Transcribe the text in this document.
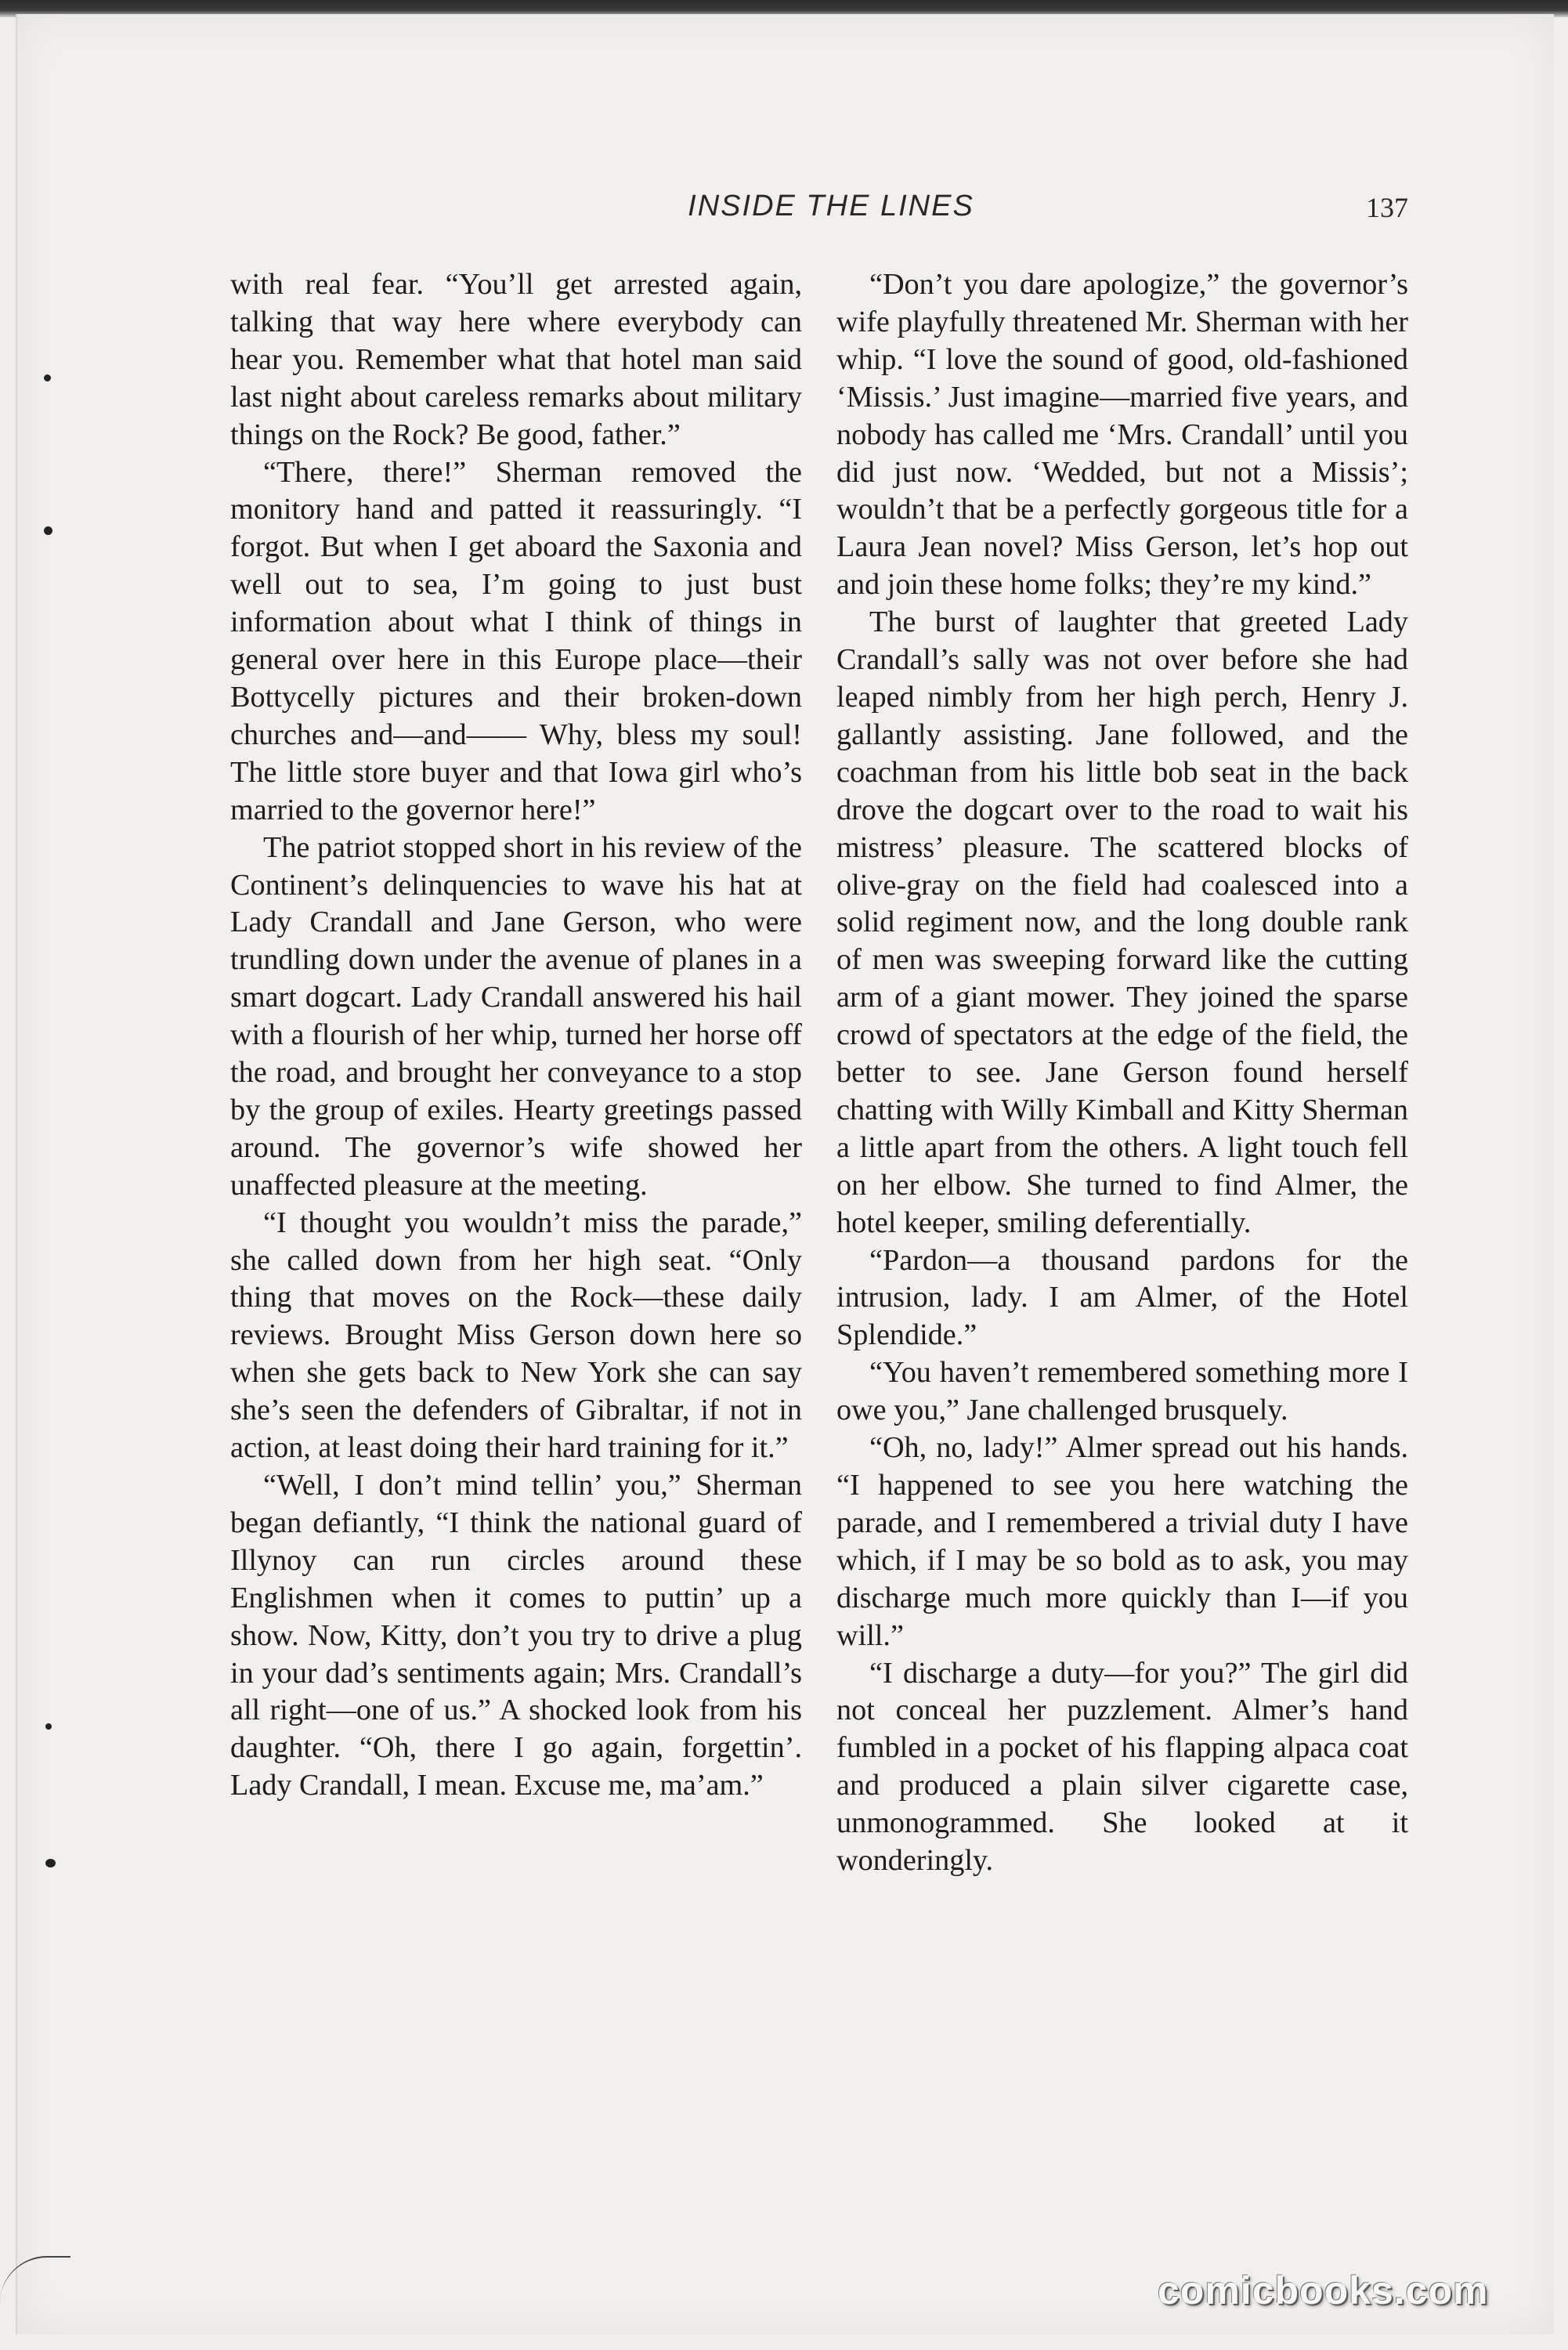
INSIDE THE LINES	137

with real fear. “You’ll get arrested again, talking that way here where everybody can hear you. Remember what that hotel man said last night about careless remarks about military things on the Rock? Be good, father.”

“There, there!” Sherman removed the monitory hand and patted it reassuringly. “I forgot. But when I get aboard the Saxonia and well out to sea, I’m going to just bust information about what I think of things in general over here in this Europe place—their Bottycelly pictures and their broken-down churches and—and—— Why, bless my soul! The little store buyer and that Iowa girl who’s married to the governor here!”

The patriot stopped short in his review of the Continent’s delinquencies to wave his hat at Lady Crandall and Jane Gerson, who were trundling down under the avenue of planes in a smart dogcart. Lady Crandall answered his hail with a flourish of her whip, turned her horse off the road, and brought her conveyance to a stop by the group of exiles. Hearty greetings passed around. The governor’s wife showed her unaffected pleasure at the meeting.

“I thought you wouldn’t miss the parade,” she called down from her high seat. “Only thing that moves on the Rock—these daily reviews. Brought Miss Gerson down here so when she gets back to New York she can say she’s seen the defenders of Gibraltar, if not in action, at least doing their hard training for it.”

“Well, I don’t mind tellin’ you,” Sherman began defiantly, “I think the national guard of Illynoy can run circles around these Englishmen when it comes to puttin’ up a show. Now, Kitty, don’t you try to drive a plug in your dad’s sentiments again; Mrs. Crandall’s all right—one of us.” A shocked look from his daughter. “Oh, there I go again, forgettin’. Lady Crandall, I mean. Excuse me, ma’am.”

“Don’t you dare apologize,” the governor’s wife playfully threatened Mr. Sherman with her whip. “I love the sound of good, old-fashioned ‘Missis.’ Just imagine—married five years, and nobody has called me ‘Mrs. Crandall’ until you did just now. ‘Wedded, but not a Missis’; wouldn’t that be a perfectly gorgeous title for a Laura Jean novel? Miss Gerson, let’s hop out and join these home folks; they’re my kind.”

The burst of laughter that greeted Lady Crandall’s sally was not over before she had leaped nimbly from her high perch, Henry J. gallantly assisting. Jane followed, and the coachman from his little bob seat in the back drove the dogcart over to the road to wait his mistress’ pleasure. The scattered blocks of olive-gray on the field had coalesced into a solid regiment now, and the long double rank of men was sweeping forward like the cutting arm of a giant mower. They joined the sparse crowd of spectators at the edge of the field, the better to see. Jane Gerson found herself chatting with Willy Kimball and Kitty Sherman a little apart from the others. A light touch fell on her elbow. She turned to find Almer, the hotel keeper, smiling deferentially.

“Pardon—a thousand pardons for the intrusion, lady. I am Almer, of the Hotel Splendide.”

“You haven’t remembered something more I owe you,” Jane challenged brusquely.

“Oh, no, lady!” Almer spread out his hands. “I happened to see you here watching the parade, and I remembered a trivial duty I have which, if I may be so bold as to ask, you may discharge much more quickly than I—if you will.”

“I discharge a duty—for you?” The girl did not conceal her puzzlement. Almer’s hand fumbled in a pocket of his flapping alpaca coat and produced a plain silver cigarette case, unmonogrammed. She looked at it wonderingly.

comicbooks.com
